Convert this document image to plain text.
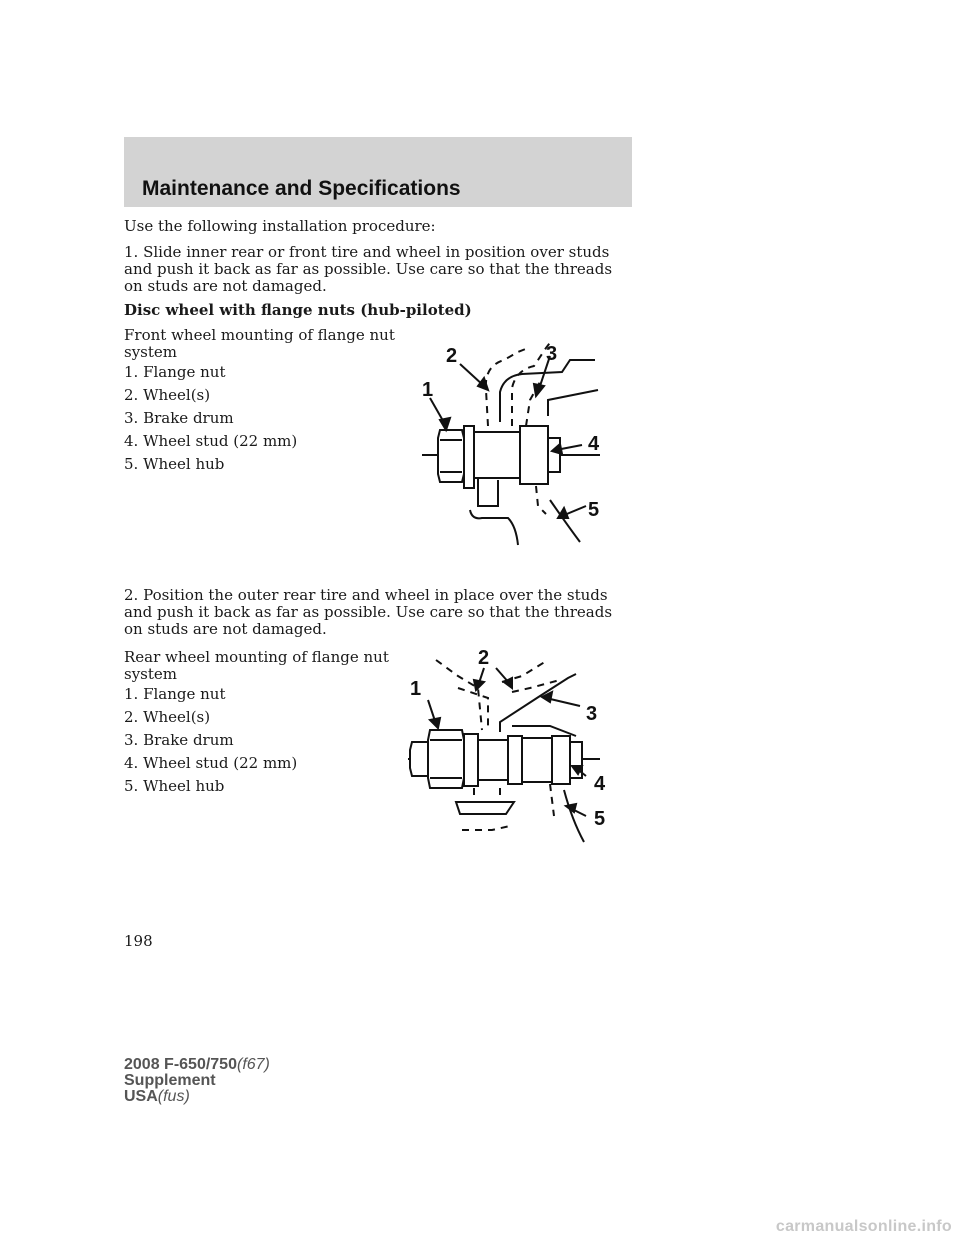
Maintenance and Specifications

Use the following installation procedure:

1. Slide inner rear or front tire and wheel in position over studs and push it back as far as possible. Use care so that the threads on studs are not damaged.

Disc wheel with flange nuts (hub-piloted)

Front wheel mounting of flange nut

system

1. Flange nut

2. Wheel(s)

3. Brake drum

4. Wheel stud (22 mm)

5. Wheel hub

1
2	3
4
5

2. Position the outer rear tire and wheel in place over the studs and push it back as far as possible. Use care so that the threads on studs are not damaged.

Rear wheel mounting of flange nut

system

1. Flange nut

2. Wheel(s)

3. Brake drum

4. Wheel stud (22 mm)

5. Wheel hub

1
2
3
4
5
198
2008 F-650/750(f67)
Supplement
USA(fus)
carmanualsonline.info
